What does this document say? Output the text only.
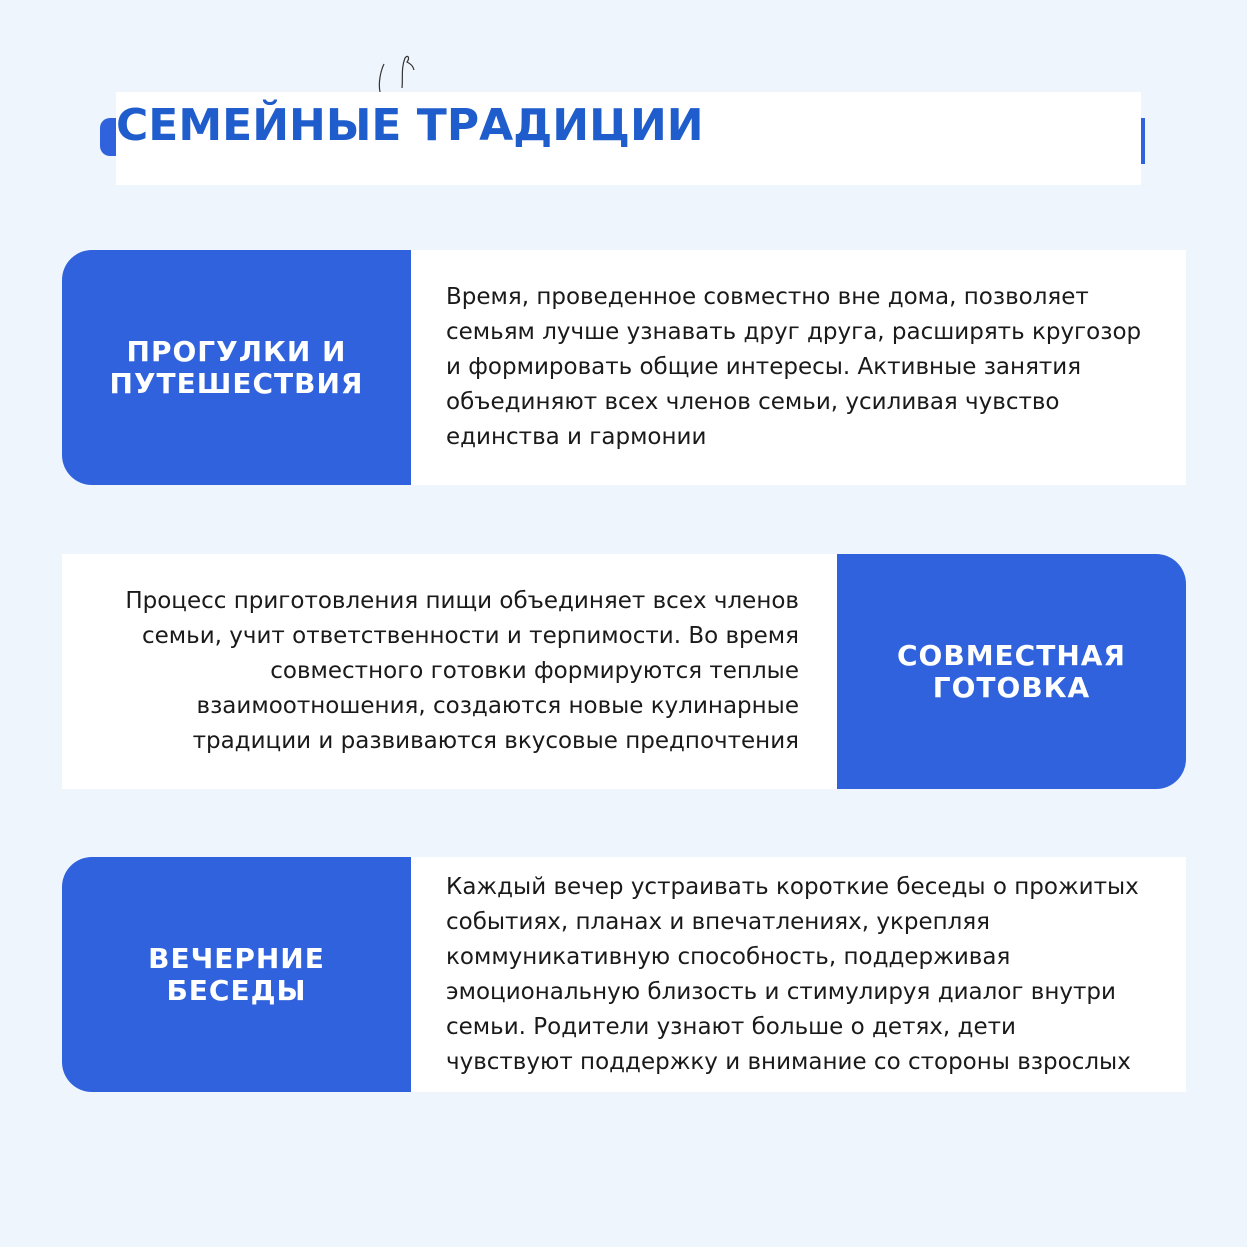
СЕМЕЙНЫЕ ТРАДИЦИИ
ПРОГУЛКИ И
ПУТЕШЕСТВИЯ

Время, проведенное совместно вне дома, позволяет семьям лучше узнавать друг друга, расширять кругозор и формировать общие интересы. Активные занятия объединяют всех членов семьи, усиливая чувство единства и гармонии

Процесс приготовления пищи объединяет всех членов семьи, учит ответственности и терпимости. Во время совместного готовки формируются теплые взаимоотношения, создаются новые кулинарные традиции и развиваются вкусовые предпочтения

СОВМЕСТНАЯ
ГОТОВКА
ВЕЧЕРНИЕ
БЕСЕДЫ

Каждый вечер устраивать короткие беседы о прожитых событиях, планах и впечатлениях, укрепляя коммуникативную способность, поддерживая эмоциональную близость и стимулируя диалог внутри семьи. Родители узнают больше о детях, дети чувствуют поддержку и внимание со стороны взрослых
